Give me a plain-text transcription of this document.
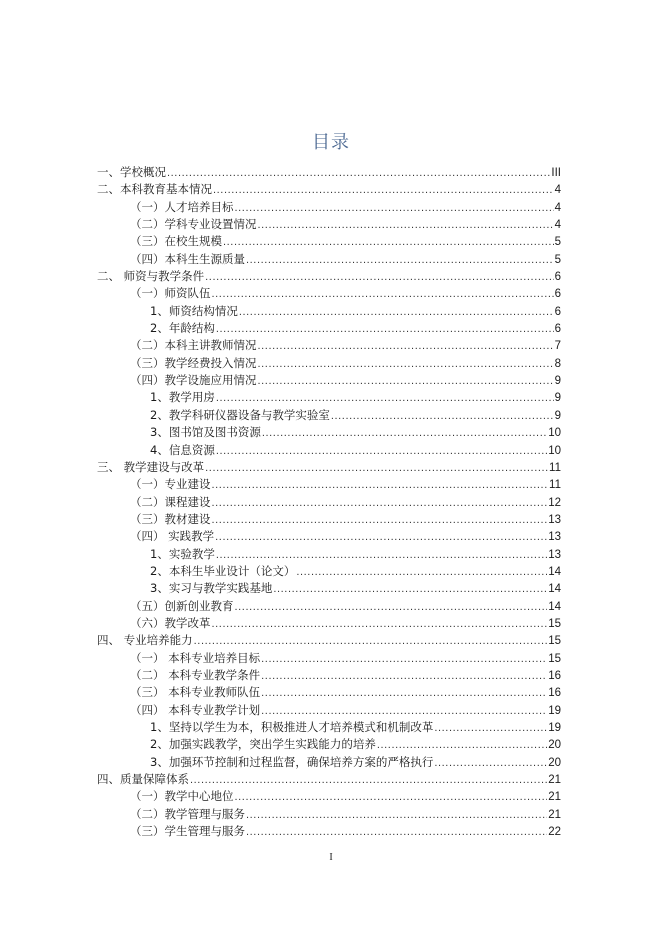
目录
一、学校概况 .....	III
二、本科教育基本情况 .....	4
（一）人才培养目标 .....	4
（二）学科专业设置情况 .....	4
（三）在校生规模 .....	5
（四）本科生生源质量 .....	5
二、 师资与教学条件 .....	6
（一）师资队伍 .....	6
1、师资结构情况 .....	6
2、年龄结构 .....	6
（二）本科主讲教师情况 .....	7
（三）教学经费投入情况 .....	8
（四）教学设施应用情况 .....	9
1、教学用房 .....	9
2、教学科研仪器设备与教学实验室 .....	9
3、图书馆及图书资源 .....	10
4、信息资源 .....	10
三、 教学建设与改革 .....	11
（一）专业建设 .....	11
（二）课程建设 .....	12
（三）教材建设 .....	13
（四） 实践教学 .....	13
1、实验教学 .....	13
2、本科生毕业设计（论文） .....	14
3、实习与教学实践基地 .....	14
（五）创新创业教育 .....	14
（六）教学改革 .....	15
四、 专业培养能力 .....	15
（一） 本科专业培养目标 .....	15
（二） 本科专业教学条件 .....	16
（三） 本科专业教师队伍 .....	16
（四） 本科专业教学计划 .....	19
1、坚持以学生为本，积极推进人才培养模式和机制改革 .....	19
2、加强实践教学，突出学生实践能力的培养 .....	20
3、加强环节控制和过程监督，确保培养方案的严格执行 .....	20
四、质量保障体系 .....	21
（一）教学中心地位 .....	21
（二）教学管理与服务 .....	21
（三）学生管理与服务 .....	22
I
